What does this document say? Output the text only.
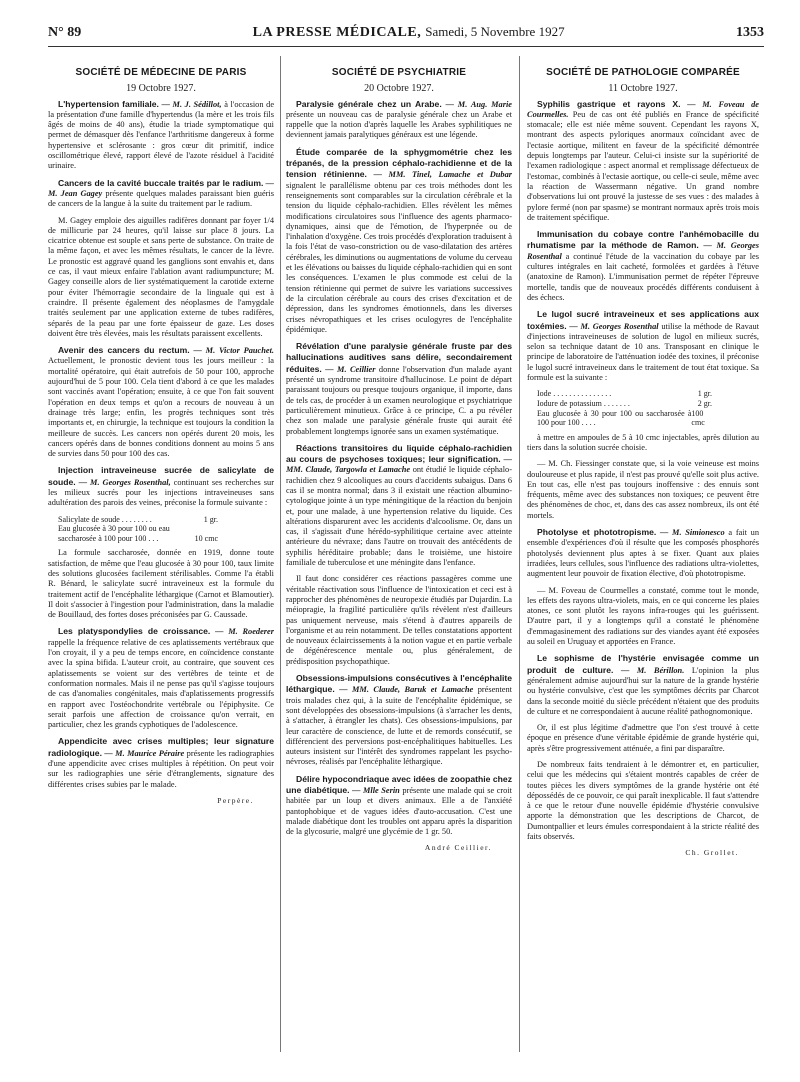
N° 89	LA PRESSE MÉDICALE, Samedi, 5 Novembre 1927	1353
SOCIÉTÉ DE MÉDECINE DE PARIS
19 Octobre 1927.

L'hypertension familiale. — M. J. Sédillot, à l'occasion de la présentation d'une famille d'hypertendus (la mère et les trois fils âgés de moins de 40 ans), étudie la triade symptomatique qui permet de démasquer dès l'enfance l'arthritisme dangereux à forme hypertensive et sclérosante : gros cœur dit primitif, indice oscillométrique élevé, rapport élevé de l'azote résiduel à l'acidité urinaire.

Cancers de la cavité buccale traités par le radium. — M. Jean Gagey présente quelques malades paraissant bien guéris de cancers de la langue à la suite du traitement par le radium.

M. Gagey emploie des aiguilles radifères donnant par foyer 1/4 de millicurie par 24 heures, qu'il laisse sur place 8 jours. La cicatrice obtenue est souple et sans perte de substance. On traite de la même façon, et avec les mêmes résultats, le cancer de la lèvre. Le pronostic est aggravé quand les ganglions sont envahis et, dans ce cas, il vaut mieux enfaire l'ablation avant radiumpuncture; M. Gagey conseille alors de lier systématiquement la carotide externe pour éviter l'hémorragie secondaire de la linguale qui est à craindre. Il présente également des néoplasmes de l'amygdale traités seulement par une application externe de tubes radifères, séparés de la peau par une forte épaisseur de gaze. Les doses doivent être très élevées, mais les résultats paraissent excellents.

Avenir des cancers du rectum. — M. Victor Pauchet. Actuellement, le pronostic devient tous les jours meilleur : la mortalité opératoire, qui était autrefois de 50 pour 100, approche aujourd'hui de 5 pour 100. Cela tient d'abord à ce que les malades sont vaccinés avant l'opération; ensuite, à ce que l'on fait souvent l'opération en deux temps et qu'on a recours de nouveau à un drainage très large; enfin, les progrès techniques sont très importants et, en chirurgie, la technique est toujours la condition la meilleure de succès. Les cancers non opérés durent 20 mois, les cancers opérés dans de bonnes conditions donnent au moins 5 ans de survies dans 50 pour 100 des cas.

Injection intraveineuse sucrée de salicylate de soude. — M. Georges Rosenthal, continuant ses recherches sur les milieux sucrés pour les injections intraveineuses sans adultération des parois des veines, préconise la formule suivante :

Salicylate de soude . . . . . . . .	1 gr.
Eau glucosée à 30 pour 100 ou eau
saccharosée à 100 pour 100 . . .	10 cmc

La formule saccharosée, donnée en 1919, donne toute satisfaction, de même que l'eau glucosée à 30 pour 100, taux limite des solutions glucosées facilement stérilisables. Comme l'a établi R. Bénard, le salicylate sucré intraveineux est la formule du traitement actif de l'encéphalite léthargique (Carnot et Blamoutier). Il doit s'associer à l'ingestion pour l'administration, dans la maladie de Bouillaud, des fortes doses préconisées par G. Caussade.

Les platyspondylies de croissance. — M. Roederer rappelle la fréquence relative de ces aplatissements vertébraux que l'on croyait, il y a peu de temps encore, en coïncidence constante avec la spina bifida. L'auteur croit, au contraire, que souvent ces aplatissements se voient sur des vertèbres de teinte et de conformation normales. Mais il ne pense pas qu'il s'agisse toujours de cas d'anomalies congénitales, mais d'aplatissements progressifs en rapport avec l'ostéochondrite vertébrale ou l'épiphysite. Ce serait parfois une affection de croissance qu'on verrait, en particulier, chez les grands cyphotiques de l'adolescence.

Appendicite avec crises multiples; leur signature radiologique. — M. Maurice Péraire présente les radiographies d'une appendicite avec crises multiples à répétition. On peut voir sur les radiographies une série d'étranglements, signature des différentes crises subies par le malade.

Perpère.
SOCIÉTÉ DE PSYCHIATRIE
20 Octobre 1927.

Paralysie générale chez un Arabe. — M. Aug. Marie présente un nouveau cas de paralysie générale chez un Arabe et rappelle que la notion d'après laquelle les Arabes syphilitiques ne deviennent jamais paralytiques généraux est une légende.

Étude comparée de la sphygmométrie chez les trépanés, de la pression céphalo-rachidienne et de la tension rétinienne. — MM. Tinel, Lamache et Dubar signalent le parallélisme obtenu par ces trois méthodes dont les renseignements sont comparables sur la circulation cérébrale et la tension du liquide céphalo-rachidien. Elles révèlent les mêmes modifications circulatoires sous l'influence des agents pharmaco-dynamiques, ainsi que de l'émotion, de l'hyperpnée ou de l'inhalation d'oxygène. Ces trois procédés d'exploration traduisent à la fois l'état de vaso-constriction ou de vaso-dilatation des artères cérébrales, les diminutions ou augmentations de volume du cerveau et les élévations ou baisses du liquide céphalo-rachidien qui en sont les conséquences. L'examen le plus commode est celui de la tension rétinienne qui permet de suivre les variations successives de la circulation cérébrale au cours des crises d'excitation et de dépression, dans les syndromes émotionnels, dans les diverses crises névropathiques et les crises oculogyres de l'encéphalite épidémique.

Révélation d'une paralysie générale fruste par des hallucinations auditives sans délire, secondairement réduites. — M. Ceillier donne l'observation d'un malade ayant présenté un syndrome transitoire d'hallucinose. Le point de départ paraissant toujours ou presque toujours organique, il importe, dans de tels cas, de procéder à un examen neurologique et psychiatrique particulièrement minutieux. Grâce à ce principe, C. a pu révéler chez son malade une paralysie générale fruste qui aurait été probablement longtemps ignorée sans un examen systématique.

Réactions transitoires du liquide céphalo-rachidien au cours de psychoses toxiques; leur signification. — MM. Claude, Targowla et Lamache ont étudié le liquide céphalo-rachidien chez 9 alcooliques au cours d'accidents subaigus. Dans 6 cas il se montra normal; dans 3 il existait une réaction albumino-cytologique jointe à un type méningitique de la réaction du benjoin et, pour une malade, à une hypertension relative du liquide. Ces altérations disparurent avec les accidents d'alcoolisme. Or, dans un cas, il s'agissait d'une hérédo-syphilitique certaine avec atteinte antérieure du névraxe; dans l'autre on trouvait des antécédents de syphilis héréditaire probable; dans le troisième, une histoire familiale de tuberculose et une méningite dans l'enfance.

Il faut donc considérer ces réactions passagères comme une véritable réactivation sous l'influence de l'intoxication et ceci est à rapprocher des phénomènes de neuropexie étudiés par Dujardin. La méiopragie, la fragilité particulière qu'ils révèlent n'est d'ailleurs pas uniquement nerveuse, mais s'étend à d'autres appareils de l'organisme et au rein notamment. De telles constatations apportent de nouveaux éclaircissements à la notion vague et en partie verbale de dégénérescence mentale ou, plus généralement, de prédisposition psychopathique.

Obsessions-impulsions consécutives à l'encéphalite léthargique. — MM. Claude, Baruk et Lamache présentent trois malades chez qui, à la suite de l'encéphalite épidémique, se sont développées des obsessions-impulsions (à s'arracher les dents, à s'attacher, à étrangler les chats). Ces obsessions-impulsions, par leur caractère de conscience, de lutte et de remords consécutif, se différencient des perversions post-encéphalitiques habituelles. Les auteurs insistent sur l'intérêt des syndromes rappelant les psycho-névroses, réalisés par l'encéphalite léthargique.

Délire hypocondriaque avec idées de zoopathie chez une diabétique. — Mlle Serin présente une malade qui se croit habitée par un loup et divers animaux. Elle a de l'anxiété pantophobique et de vagues idées d'auto-accusation. C'est une malade diabétique dont les troubles ont apparu après la disparition de la glycosurie, malgré une glycémie de 1 gr. 50.

André Ceillier.
SOCIÉTÉ DE PATHOLOGIE COMPARÉE
11 Octobre 1927.

Syphilis gastrique et rayons X. — M. Foveau de Courmelles. Peu de cas ont été publiés en France de spécificité stomacale; elle est niée même souvent. Cependant les rayons X, montrant des aspects pyloriques anormaux coïncidant avec de l'ectasie aortique, militent en faveur de la spécificité démontrée depuis longtemps par l'auteur. Celui-ci insiste sur la supériorité de l'examen radiologique : aspect anormal et remplissage défectueux de l'estomac, combinés à l'ectasie aortique, ou celle-ci seule, même avec la réaction de Wassermann négative. Un grand nombre d'observations lui ont prouvé la justesse de ses vues : des malades à pylore fermé (non par spasme) se montrant normaux après trois mois de traitement spécifique.

Immunisation du cobaye contre l'anhémobacille du rhumatisme par la méthode de Ramon. — M. Georges Rosenthal a continué l'étude de la vaccination du cobaye par les cultures intégrales en lait cacheté, formolées et gardées à l'étuve (anatoxine de Ramon). L'immunisation permet de répéter l'épreuve mortelle, tandis que de nouveaux procédés différents conduisent à des échecs.

Le lugol sucré intraveineux et ses applications aux toxémies. — M. Georges Rosenthal utilise la méthode de Ravaut d'injections intraveineuses de solution de lugol en milieux sucrés, selon sa technique datant de 10 ans. Transposant en clinique le principe de laboratoire de l'atténuation iodée des toxines, il préconise le lugol sucré intraveineux dans le traitement de tout état toxique. Sa formule est la suivante :

Iode . . . . . . . . . . . . . . .	1 gr.
Iodure de potassium . . . . . . .	2 gr.
Eau glucosée à 30 pour 100 ou saccharosée à 100 pour 100 . . . .
100 cmc

à mettre en ampoules de 5 à 10 cmc injectables, après dilution au tiers dans la solution sucrée choisie.

— M. Ch. Fiessinger constate que, si la voie veineuse est moins douloureuse et plus rapide, il n'est pas prouvé qu'elle soit plus active. En tout cas, elle n'est pas toujours inoffensive : des ennuis sont fréquents, même avec des substances non toxiques; ce peuvent être des phénomènes de choc, et, dans des cas assez nombreux, ils ont été mortels.

Photolyse et phototropisme. — M. Simionesco a fait un ensemble d'expériences d'où il résulte que les composés phosphorés photolysés deviennent plus aptes à se fixer. Quant aux plaies irradiées, leurs cellules, sous l'influence des radiations ultra-violettes, augmentent leur pouvoir de fixation élective, d'où phototropisme.

— M. Foveau de Courmelles a constaté, comme tout le monde, les effets des rayons ultra-violets, mais, en ce qui concerne les plaies atones, ce sont plutôt les rayons infra-rouges qui les guérissent. D'autre part, il y a longtemps qu'il a constaté le phénomène d'emmagasinement des radiations sur des viandes ayant été exposées au soleil en Uruguay et apportées en France.

Le sophisme de l'hystérie envisagée comme un produit de culture. — M. Bérillon. L'opinion la plus généralement admise aujourd'hui sur la nature de la grande hystérie ou hystérie convulsive, c'est que les symptômes décrits par Charcot dans la seconde moitié du siècle précédent n'étaient que des produits de culture et ne correspondaient à aucune réalité pathognomonique.

Or, il est plus légitime d'admettre que l'on s'est trouvé à cette époque en présence d'une véritable épidémie de grande hystérie qui, après s'être progressivement atténuée, a fini par disparaître.

De nombreux faits tendraient à le démontrer et, en particulier, celui que les médecins qui s'étaient montrés capables de créer de toutes pièces les divers symptômes de la grande hystérie ont été dépossédés de ce pouvoir, ce qui paraît inexplicable. Il faut s'attendre à ce que le retour d'une nouvelle épidémie d'hystérie convulsive apporte la démonstration que les descriptions de Charcot, de Dumontpallier et leurs émules correspondaient à la stricte réalité des faits observés.

Ch. Grollet.
